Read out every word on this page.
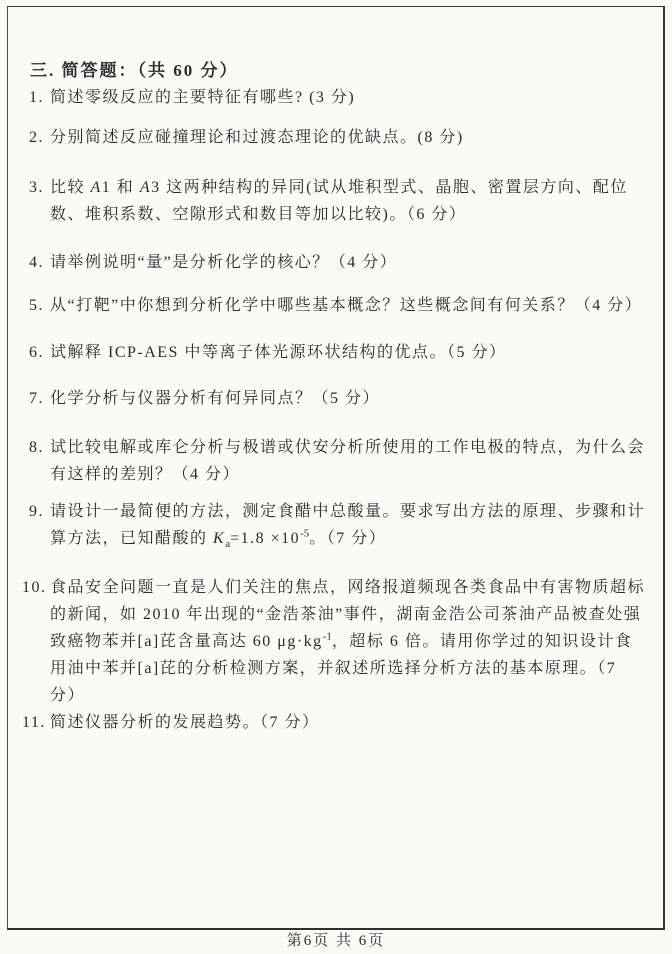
三. 简答题：（共 60 分）
1. 简述零级反应的主要特征有哪些? (3 分)
2. 分别简述反应碰撞理论和过渡态理论的优缺点。(8 分)
3. 比较 A1 和 A3 这两种结构的异同(试从堆积型式、晶胞、密置层方向、配位数、堆积系数、空隙形式和数目等加以比较)。（6 分）
4. 请举例说明“量”是分析化学的核心？（4 分）
5. 从“打靶”中你想到分析化学中哪些基本概念？这些概念间有何关系？（4 分）
6. 试解释 ICP-AES 中等离子体光源环状结构的优点。（5 分）
7. 化学分析与仪器分析有何异同点？（5 分）
8. 试比较电解或库仑分析与极谱或伏安分析所使用的工作电极的特点，为什么会有这样的差别？（4 分）
9. 请设计一最简便的方法，测定食醋中总酸量。要求写出方法的原理、步骤和计算方法，已知醋酸的 $K_a=1.8 \times 10^{-5}$。（7 分）
10. 食品安全问题一直是人们关注的焦点，网络报道频现各类食品中有害物质超标的新闻，如 2010 年出现的“金浩茶油”事件，湖南金浩公司茶油产品被查处强致癌物苯并[a]芘含量高达 60 $\mu g\cdot kg^{-1}$，超标 6 倍。请用你学过的知识设计食用油中苯并[a]芘的分析检测方案，并叙述所选择分析方法的基本原理。（7 分）
11. 简述仪器分析的发展趋势。（7 分）
第6页 共 6页
